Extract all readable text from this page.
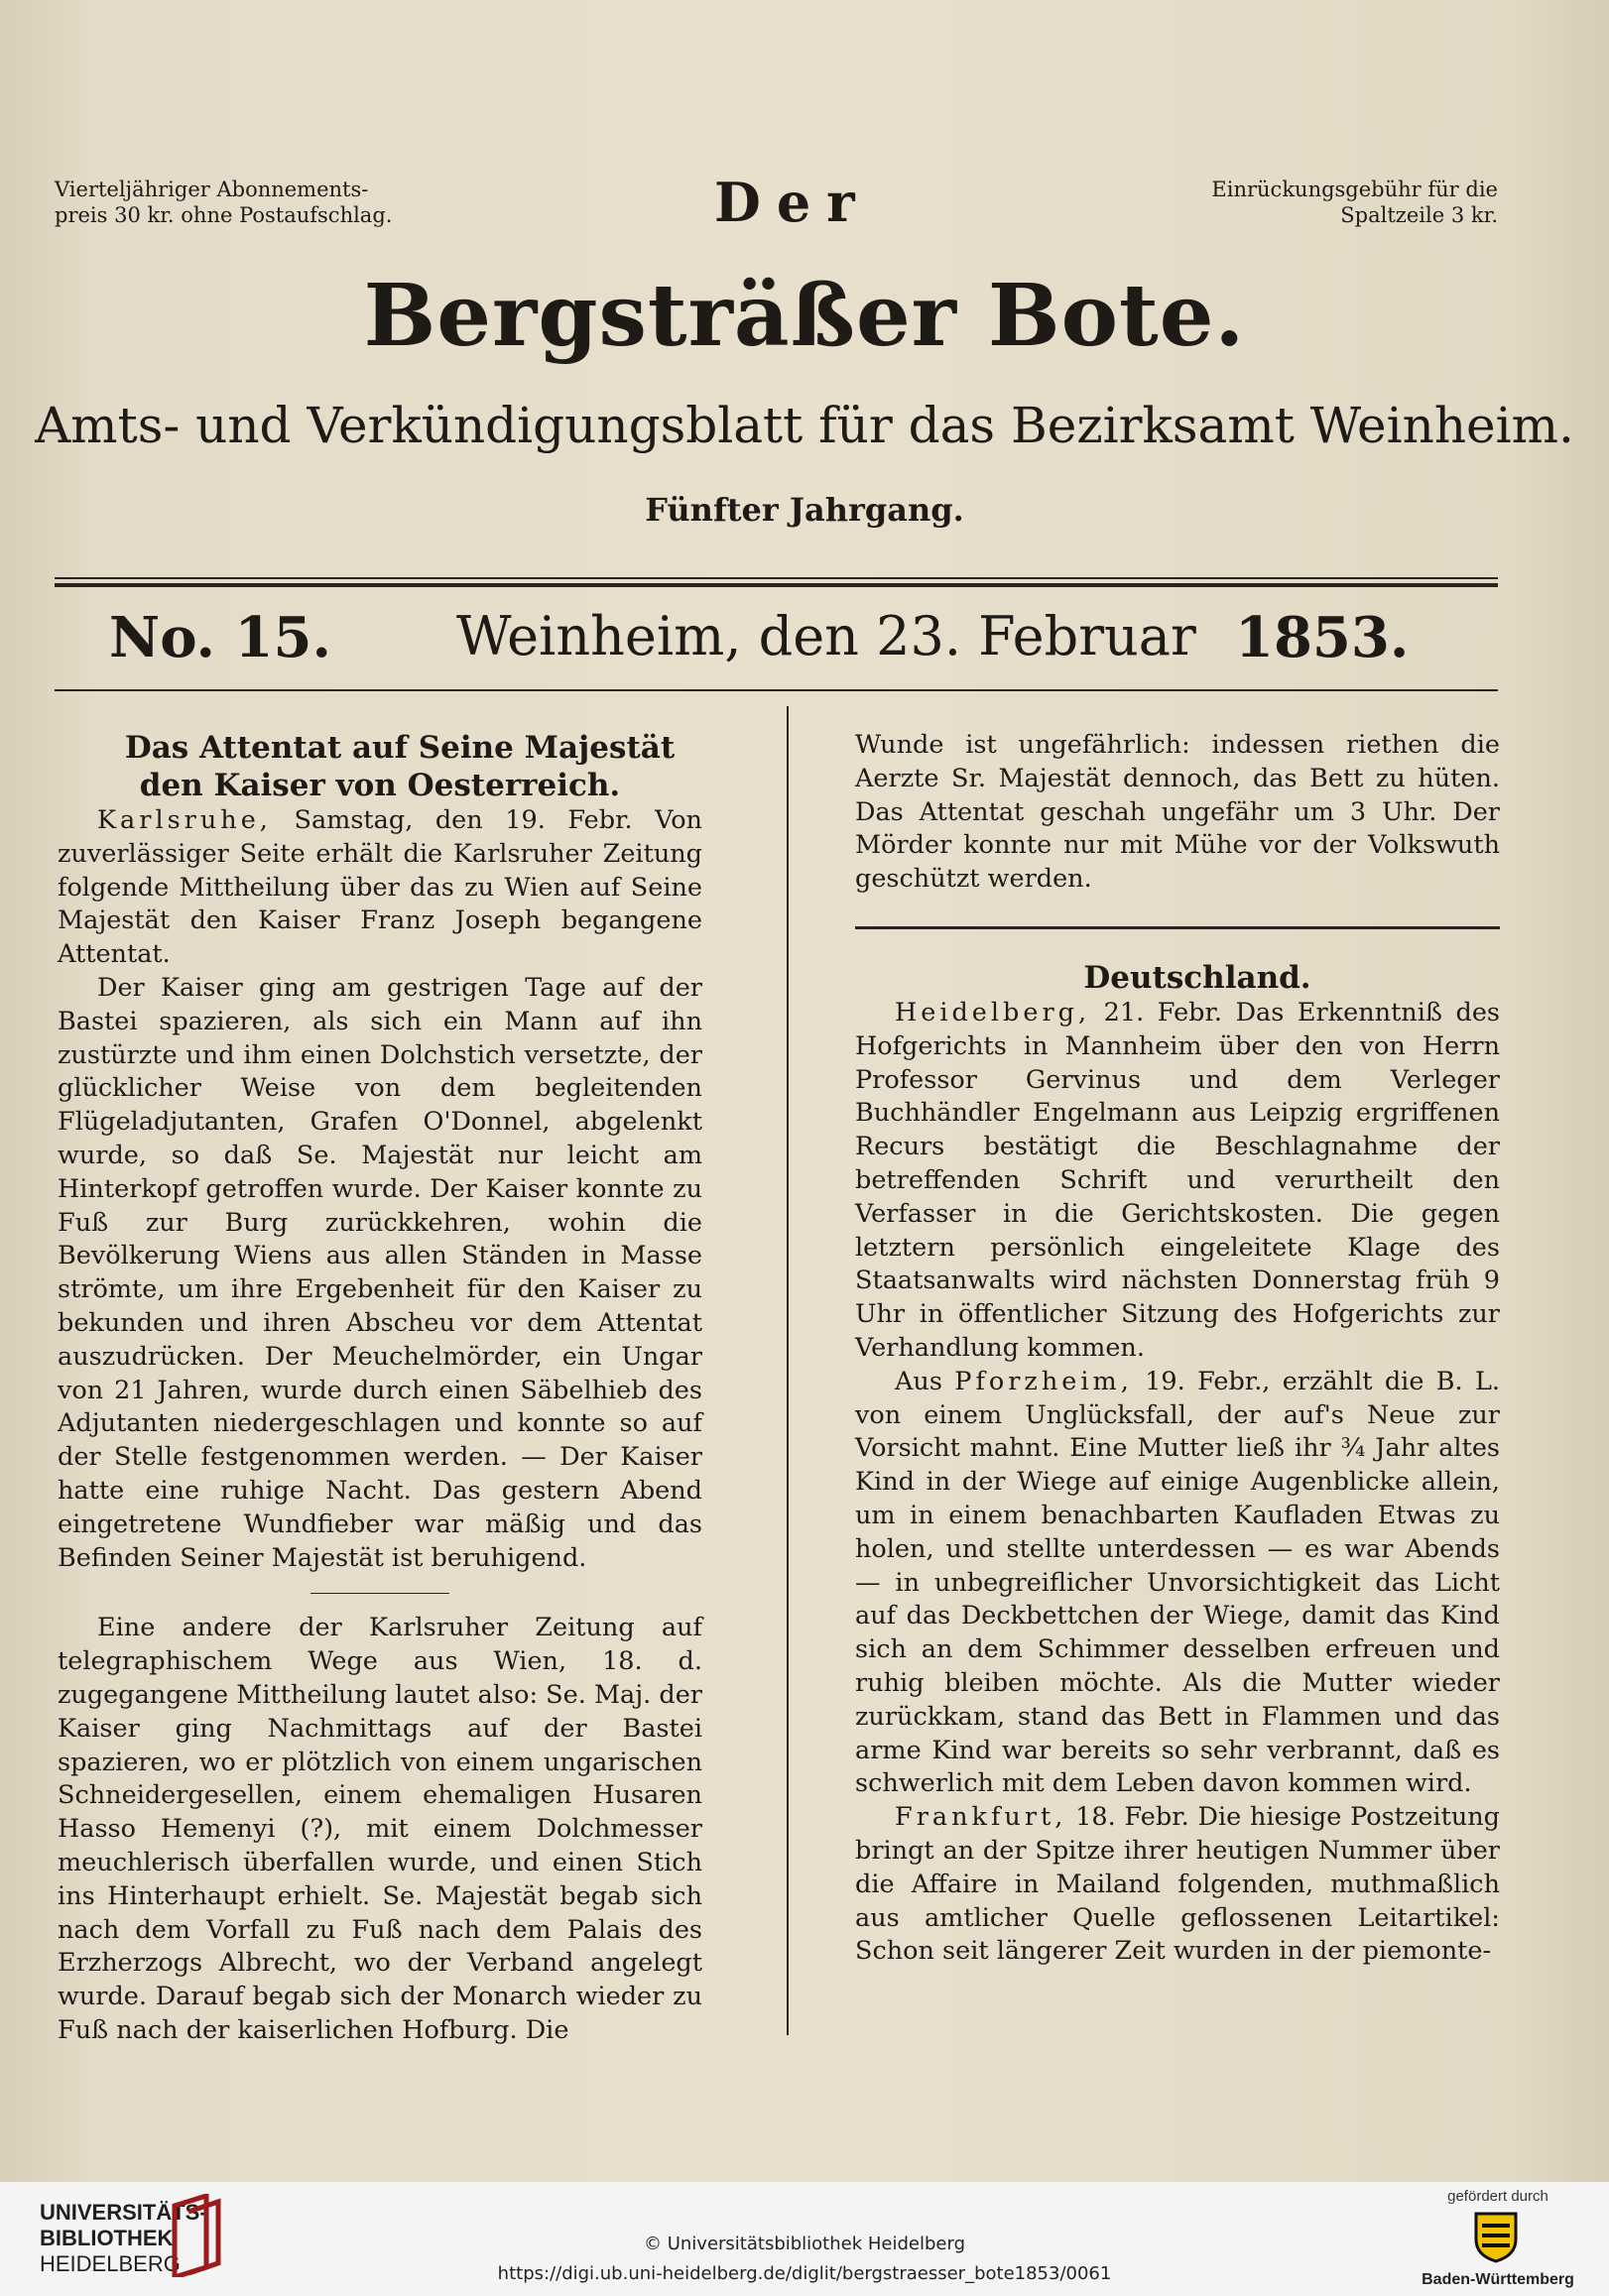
Vierteljähriger Abonnements-
preis 30 kr. ohne Postaufschlag.
Einrückungsgebühr für die
Spaltzeile 3 kr.
Der
Bergsträßer Bote.
Amts- und Verkündigungsblatt für das Bezirksamt Weinheim.
Fünfter Jahrgang.
No. 15. Weinheim, den 23. Februar 1853.

Das Attentat auf Seine Majestät den Kaiser von Oesterreich.

Karlsruhe, Samstag, den 19. Febr. Von zuverlässiger Seite erhält die Karlsruher Zeitung folgende Mittheilung über das zu Wien auf Seine Majestät den Kaiser Franz Joseph begangene Attentat.

Der Kaiser ging am gestrigen Tage auf der Bastei spazieren, als sich ein Mann auf ihn zustürzte und ihm einen Dolchstich versetzte, der glücklicher Weise von dem begleitenden Flügeladjutanten, Grafen O'Donnel, abgelenkt wurde, so daß Se. Majestät nur leicht am Hinterkopf getroffen wurde. Der Kaiser konnte zu Fuß zur Burg zurückkehren, wohin die Bevölkerung Wiens aus allen Ständen in Masse strömte, um ihre Ergebenheit für den Kaiser zu bekunden und ihren Abscheu vor dem Attentat auszudrücken. Der Meuchelmörder, ein Ungar von 21 Jahren, wurde durch einen Säbelhieb des Adjutanten niedergeschlagen und konnte so auf der Stelle festgenommen werden. — Der Kaiser hatte eine ruhige Nacht. Das gestern Abend eingetretene Wundfieber war mäßig und das Befinden Seiner Majestät ist beruhigend.

Eine andere der Karlsruher Zeitung auf telegraphischem Wege aus Wien, 18. d. zugegangene Mittheilung lautet also: Se. Maj. der Kaiser ging Nachmittags auf der Bastei spazieren, wo er plötzlich von einem ungarischen Schneidergesellen, einem ehemaligen Husaren Hasso Hemenyi (?), mit einem Dolchmesser meuchlerisch überfallen wurde, und einen Stich ins Hinterhaupt erhielt. Se. Majestät begab sich nach dem Vorfall zu Fuß nach dem Palais des Erzherzogs Albrecht, wo der Verband angelegt wurde. Darauf begab sich der Monarch wieder zu Fuß nach der kaiserlichen Hofburg. Die

Wunde ist ungefährlich: indessen riethen die Aerzte Sr. Majestät dennoch, das Bett zu hüten. Das Attentat geschah ungefähr um 3 Uhr. Der Mörder konnte nur mit Mühe vor der Volkswuth geschützt werden.

Deutschland.

Heidelberg, 21. Febr. Das Erkenntniß des Hofgerichts in Mannheim über den von Herrn Professor Gervinus und dem Verleger Buchhändler Engelmann aus Leipzig ergriffenen Recurs bestätigt die Beschlagnahme der betreffenden Schrift und verurtheilt den Verfasser in die Gerichtskosten. Die gegen letztern persönlich eingeleitete Klage des Staatsanwalts wird nächsten Donnerstag früh 9 Uhr in öffentlicher Sitzung des Hofgerichts zur Verhandlung kommen.

Aus Pforzheim, 19. Febr., erzählt die B. L. von einem Unglücksfall, der auf's Neue zur Vorsicht mahnt. Eine Mutter ließ ihr ¾ Jahr altes Kind in der Wiege auf einige Augenblicke allein, um in einem benachbarten Kaufladen Etwas zu holen, und stellte unterdessen — es war Abends — in unbegreiflicher Unvorsichtigkeit das Licht auf das Deckbettchen der Wiege, damit das Kind sich an dem Schimmer desselben erfreuen und ruhig bleiben möchte. Als die Mutter wieder zurückkam, stand das Bett in Flammen und das arme Kind war bereits so sehr verbrannt, daß es schwerlich mit dem Leben davon kommen wird.

Frankfurt, 18. Febr. Die hiesige Postzeitung bringt an der Spitze ihrer heutigen Nummer über die Affaire in Mailand folgenden, muthmaßlich aus amtlicher Quelle geflossenen Leitartikel: Schon seit längerer Zeit wurden in der piemonte-

UNIVERSITÄTS-
BIBLIOTHEK
HEIDELBERG
© Universitätsbibliothek Heidelberg
https://digi.ub.uni-heidelberg.de/diglit/bergstraesser_bote1853/0061
gefördert durch
Baden-Württemberg
